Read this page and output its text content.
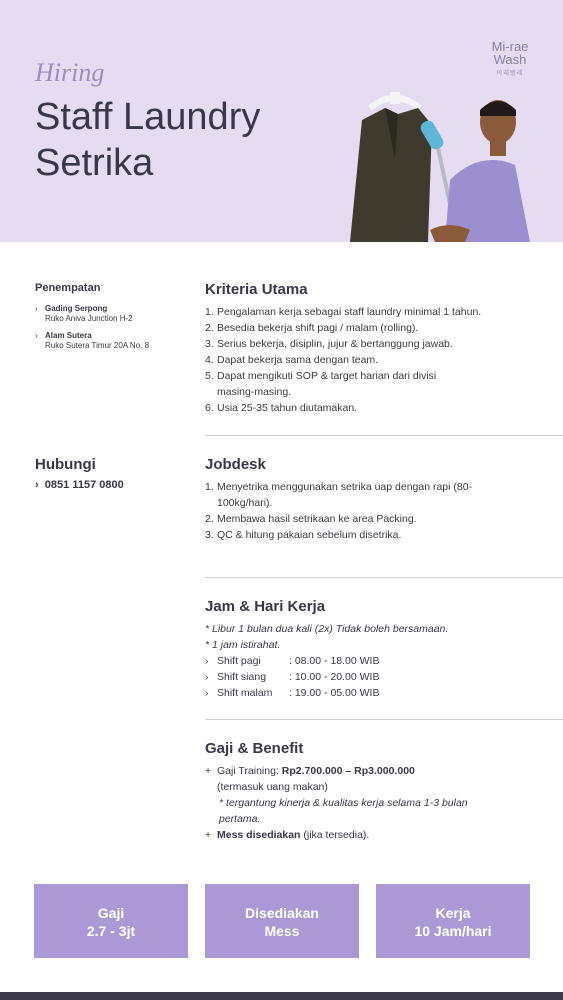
Hiring
Staff Laundry Setrika
Mi-rae
Wash
미래빨래
Penempatan
› Gading Serpong
Ruko Aniva Junction H-2
› Alam Sutera
Ruko Sutera Timur 20A No. 8
Hubungi
› 0851 1157 0800
Kriteria Utama
1. Pengalaman kerja sebagai staff laundry minimal 1 tahun.
2. Besedia bekerja shift pagi / malam (rolling).
3. Serius bekerja, disiplin, jujur & bertanggung jawab.
4. Dapat bekerja sama dengan team.
5. Dapat mengikuti SOP & target harian dari divisi masing-masing.
6. Usia 25-35 tahun diutamakan.
Jobdesk
1. Menyetrika menggunakan setrika uap dengan rapi (80-100kg/hari).
2. Membawa hasil setrikaan ke area Packing.
3. QC & hitung pakaian sebelum disetrika.
Jam & Hari Kerja
* Libur 1 bulan dua kali (2x) Tidak boleh bersamaan.
* 1 jam istirahat.
› Shift pagi	: 08.00 - 18.00 WIB
› Shift siang	: 10.00 - 20.00 WIB
› Shift malam	: 19.00 - 05.00 WIB
Gaji & Benefit
+ Gaji Training: Rp2.700.000 – Rp3.000.000
(termasuk uang makan)
* tergantung kinerja & kualitas kerja selama 1-3 bulan pertama.
+ Mess disediakan (jika tersedia).
Gaji
2.7 - 3jt
Disediakan
Mess
Kerja
10 Jam/hari
